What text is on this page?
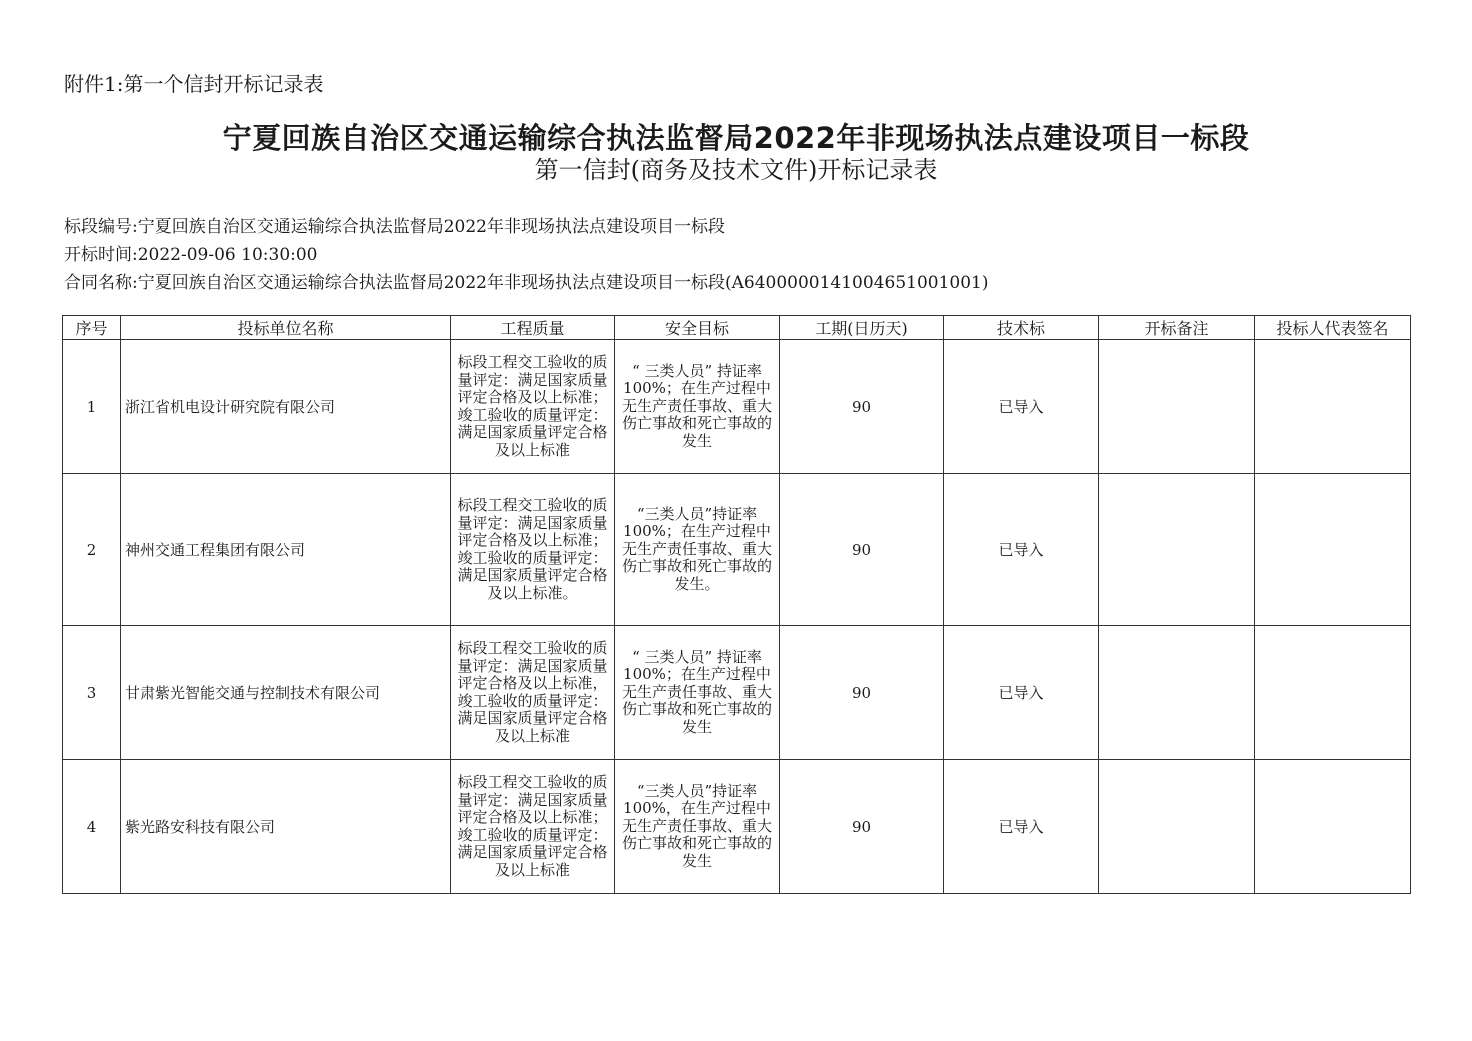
附件1:第一个信封开标记录表
宁夏回族自治区交通运输综合执法监督局2022年非现场执法点建设项目一标段
第一信封(商务及技术文件)开标记录表
标段编号:宁夏回族自治区交通运输综合执法监督局2022年非现场执法点建设项目一标段
开标时间:2022-09-06 10:30:00
合同名称:宁夏回族自治区交通运输综合执法监督局2022年非现场执法点建设项目一标段(A6400000141004651001001)
序号	投标单位名称	工程质量	安全目标	工期(日历天)	技术标	开标备注	投标人代表签名
1	浙江省机电设计研究院有限公司	标段工程交工验收的质量评定：满足国家质量评定合格及以上标准；竣工验收的质量评定：满足国家质量评定合格及以上标准	“ 三类人员” 持证率 100%；在生产过程中无生产责任事故、重大伤亡事故和死亡事故的发生	90	已导入		
2	神州交通工程集团有限公司	标段工程交工验收的质量评定：满足国家质量评定合格及以上标准；竣工验收的质量评定：满足国家质量评定合格及以上标准。	“三类人员”持证率100%；在生产过程中无生产责任事故、重大伤亡事故和死亡事故的发生。	90	已导入		
3	甘肃紫光智能交通与控制技术有限公司	标段工程交工验收的质量评定：满足国家质量评定合格及以上标准，竣工验收的质量评定：满足国家质量评定合格及以上标准	“ 三类人员” 持证率 100%；在生产过程中无生产责任事故、重大伤亡事故和死亡事故的发生	90	已导入		
4	紫光路安科技有限公司	标段工程交工验收的质量评定：满足国家质量评定合格及以上标准；竣工验收的质量评定：满足国家质量评定合格及以上标准	“三类人员”持证率100%，在生产过程中无生产责任事故、重大伤亡事故和死亡事故的发生	90	已导入		
